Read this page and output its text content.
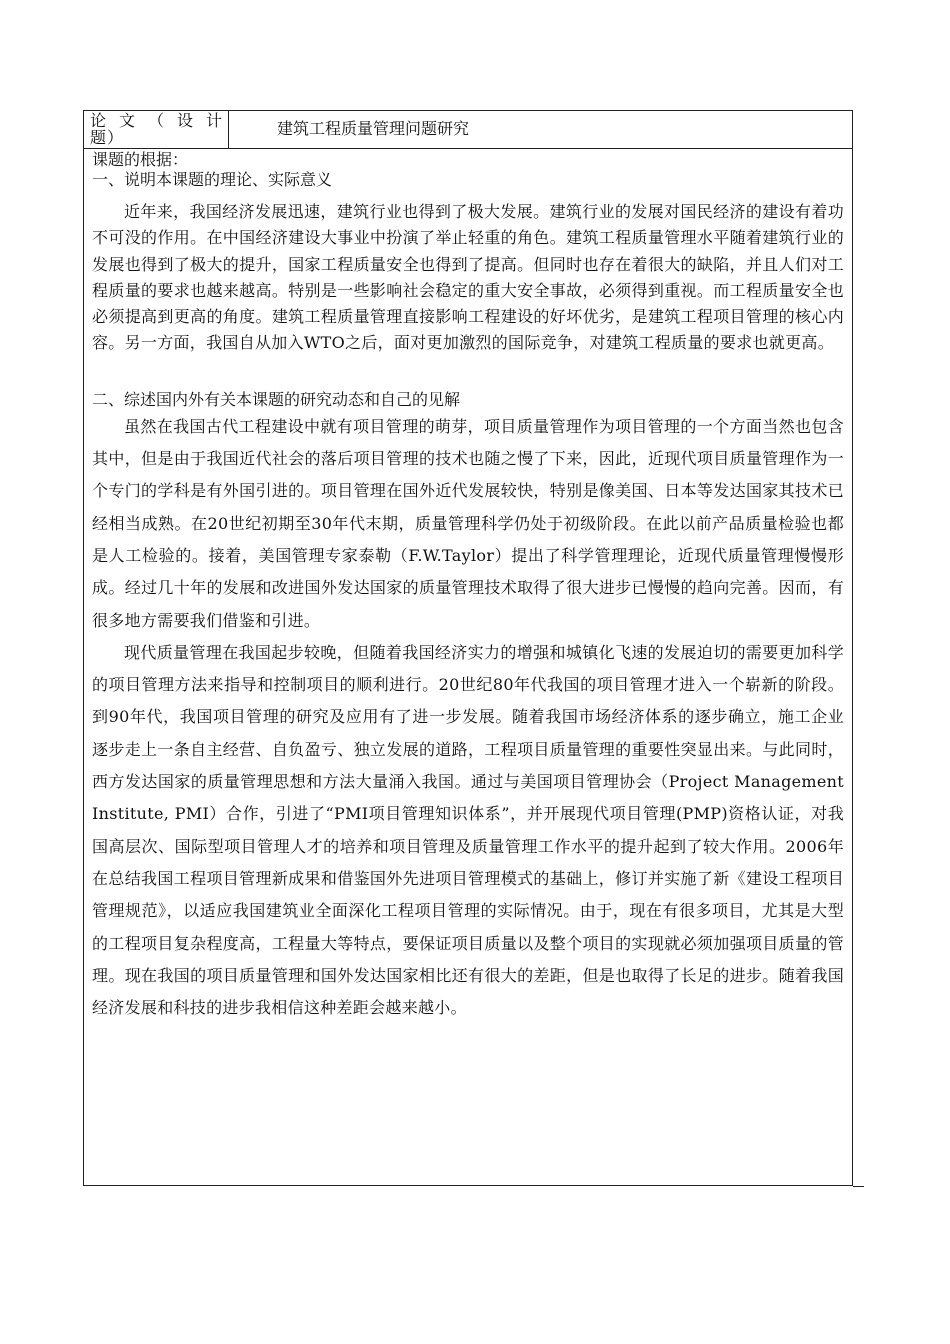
论文（设计
题）	建筑工程质量管理问题研究

课题的根据：

一、说明本课题的理论、实际意义

近年来，我国经济发展迅速，建筑行业也得到了极大发展。建筑行业的发展对国民经济的建设有着功不可没的作用。在中国经济建设大事业中扮演了举止轻重的角色。建筑工程质量管理水平随着建筑行业的发展也得到了极大的提升，国家工程质量安全也得到了提高。但同时也存在着很大的缺陷，并且人们对工程质量的要求也越来越高。特别是一些影响社会稳定的重大安全事故，必须得到重视。而工程质量安全也必须提高到更高的角度。建筑工程质量管理直接影响工程建设的好坏优劣，是建筑工程项目管理的核心内容。另一方面，我国自从加入WTO之后，面对更加激烈的国际竞争，对建筑工程质量的要求也就更高。

二、综述国内外有关本课题的研究动态和自己的见解

虽然在我国古代工程建设中就有项目管理的萌芽，项目质量管理作为项目管理的一个方面当然也包含其中，但是由于我国近代社会的落后项目管理的技术也随之慢了下来，因此，近现代项目质量管理作为一个专门的学科是有外国引进的。项目管理在国外近代发展较快，特别是像美国、日本等发达国家其技术已经相当成熟。在20世纪初期至30年代末期，质量管理科学仍处于初级阶段。在此以前产品质量检验也都是人工检验的。接着，美国管理专家泰勒（F.W.Taylor）提出了科学管理理论，近现代质量管理慢慢形成。经过几十年的发展和改进国外发达国家的质量管理技术取得了很大进步已慢慢的趋向完善。因而，有很多地方需要我们借鉴和引进。

现代质量管理在我国起步较晚，但随着我国经济实力的增强和城镇化飞速的发展迫切的需要更加科学的项目管理方法来指导和控制项目的顺利进行。20世纪80年代我国的项目管理才进入一个崭新的阶段。到90年代，我国项目管理的研究及应用有了进一步发展。随着我国市场经济体系的逐步确立，施工企业逐步走上一条自主经营、自负盈亏、独立发展的道路，工程项目质量管理的重要性突显出来。与此同时，西方发达国家的质量管理思想和方法大量涌入我国。通过与美国项目管理协会（Project Management Institute, PMI）合作，引进了“PMI项目管理知识体系”，并开展现代项目管理(PMP)资格认证，对我国高层次、国际型项目管理人才的培养和项目管理及质量管理工作水平的提升起到了较大作用。2006年在总结我国工程项目管理新成果和借鉴国外先进项目管理模式的基础上，修订并实施了新《建设工程项目管理规范》，以适应我国建筑业全面深化工程项目管理的实际情况。由于，现在有很多项目，尤其是大型的工程项目复杂程度高，工程量大等特点，要保证项目质量以及整个项目的实现就必须加强项目质量的管理。现在我国的项目质量管理和国外发达国家相比还有很大的差距，但是也取得了长足的进步。随着我国经济发展和科技的进步我相信这种差距会越来越小。
